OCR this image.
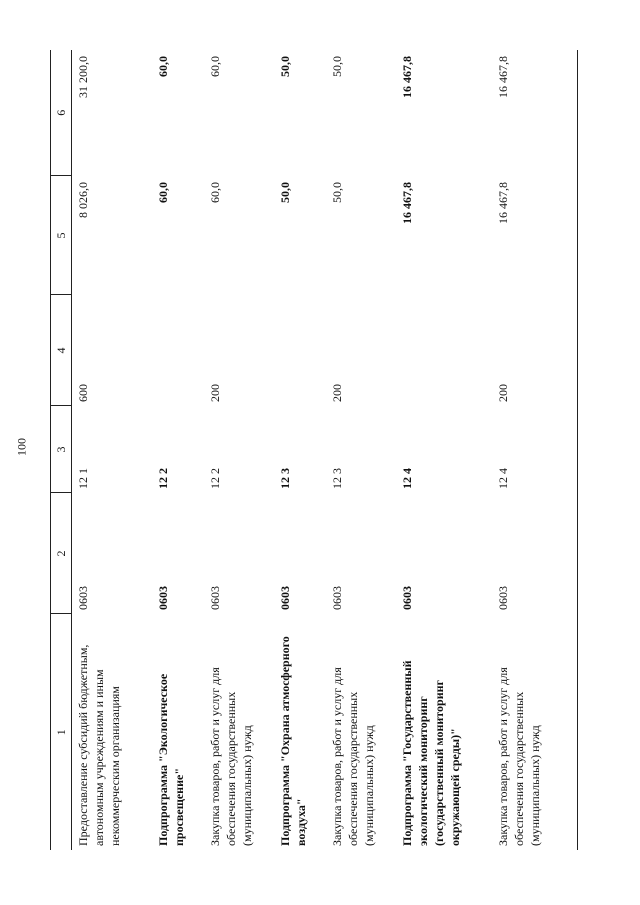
100
1	2	3	4	5	6

Предоставление субсидий бюджетным, автономным учреждениям и иным некоммерческим организациям	0603	12 1	600	8 026,0	31 200,0

Подпрограмма "Экологическое просвещение"	0603	12 2		60,0	60,0

Закупка товаров, работ и услуг для обеспечения государственных (муниципальных) нужд	0603	12 2	200	60,0	60,0

Подпрограмма "Охрана атмосферного воздуха"	0603	12 3		50,0	50,0

Закупка товаров, работ и услуг для обеспечения государственных (муниципальных) нужд	0603	12 3	200	50,0	50,0

Подпрограмма "Государственный экологический мониторинг (государственный мониторинг окружающей среды)"	0603	12 4		16 467,8	16 467,8

Закупка товаров, работ и услуг для обеспечения государственных (муниципальных) нужд	0603	12 4	200	16 467,8	16 467,8
